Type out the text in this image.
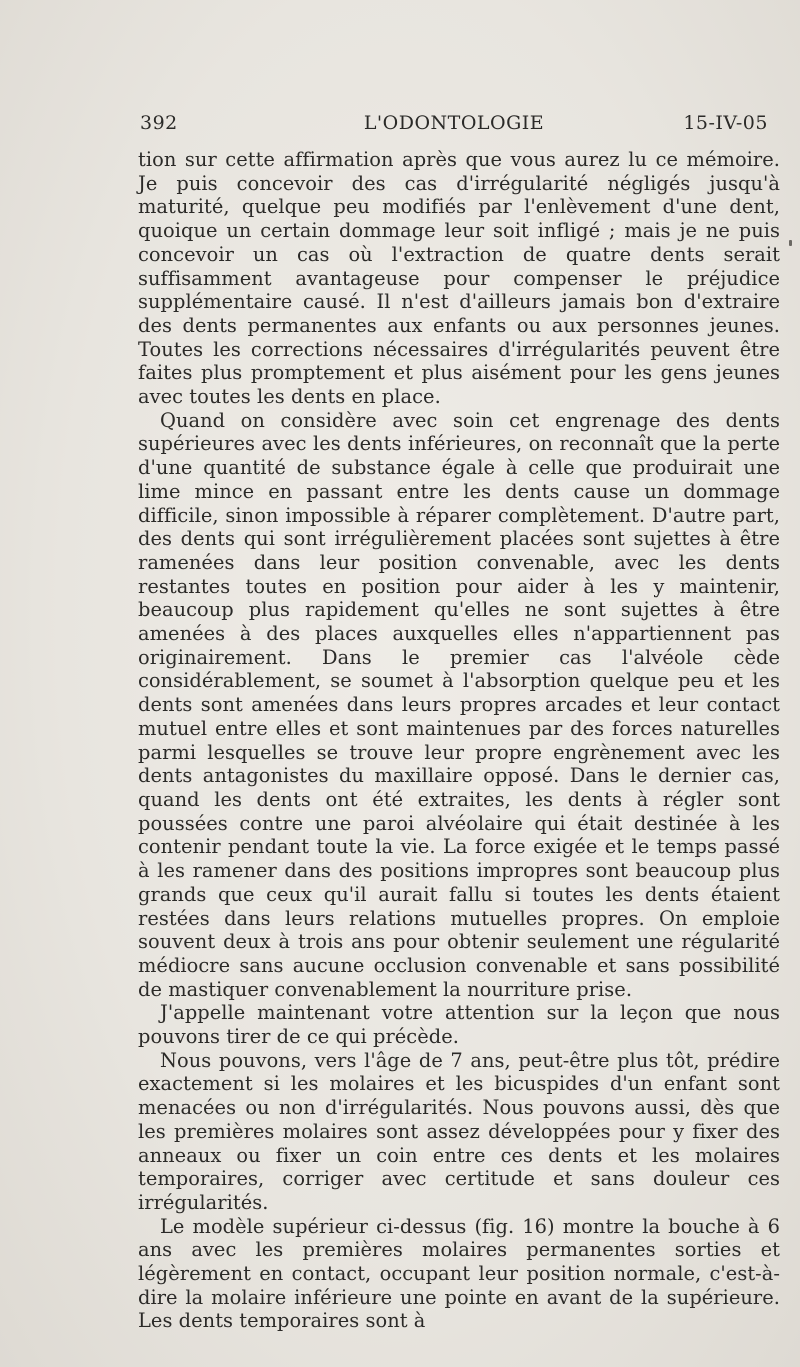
392	L'ODONTOLOGIE	15-IV-05

tion sur cette affirmation après que vous aurez lu ce mémoire. Je puis concevoir des cas d'irrégularité négligés jusqu'à maturité, quelque peu modifiés par l'enlèvement d'une dent, quoique un certain dommage leur soit infligé ; mais je ne puis concevoir un cas où l'extraction de quatre dents serait suffisamment avantageuse pour compenser le préjudice supplémentaire causé. Il n'est d'ailleurs jamais bon d'extraire des dents permanentes aux enfants ou aux personnes jeunes. Toutes les corrections nécessaires d'irrégularités peuvent être faites plus promptement et plus aisément pour les gens jeunes avec toutes les dents en place.

Quand on considère avec soin cet engrenage des dents supérieures avec les dents inférieures, on reconnaît que la perte d'une quantité de substance égale à celle que produirait une lime mince en passant entre les dents cause un dommage difficile, sinon impossible à réparer complètement. D'autre part, des dents qui sont irrégulièrement placées sont sujettes à être ramenées dans leur position convenable, avec les dents restantes toutes en position pour aider à les y maintenir, beaucoup plus rapidement qu'elles ne sont sujettes à être amenées à des places auxquelles elles n'appartiennent pas originairement. Dans le premier cas l'alvéole cède considérablement, se soumet à l'absorption quelque peu et les dents sont amenées dans leurs propres arcades et leur contact mutuel entre elles et sont maintenues par des forces naturelles parmi lesquelles se trouve leur propre engrènement avec les dents antagonistes du maxillaire opposé. Dans le dernier cas, quand les dents ont été extraites, les dents à régler sont poussées contre une paroi alvéolaire qui était destinée à les contenir pendant toute la vie. La force exigée et le temps passé à les ramener dans des positions impropres sont beaucoup plus grands que ceux qu'il aurait fallu si toutes les dents étaient restées dans leurs relations mutuelles propres. On emploie souvent deux à trois ans pour obtenir seulement une régularité médiocre sans aucune occlusion convenable et sans possibilité de mastiquer convenablement la nourriture prise.

J'appelle maintenant votre attention sur la leçon que nous pouvons tirer de ce qui précède.

Nous pouvons, vers l'âge de 7 ans, peut-être plus tôt, prédire exactement si les molaires et les bicuspides d'un enfant sont menacées ou non d'irrégularités. Nous pouvons aussi, dès que les premières molaires sont assez développées pour y fixer des anneaux ou fixer un coin entre ces dents et les molaires temporaires, corriger avec certitude et sans douleur ces irrégularités.

Le modèle supérieur ci-dessus (fig. 16) montre la bouche à 6 ans avec les premières molaires permanentes sorties et légèrement en contact, occupant leur position normale, c'est-à-dire la molaire inférieure une pointe en avant de la supérieure. Les dents temporaires sont à
